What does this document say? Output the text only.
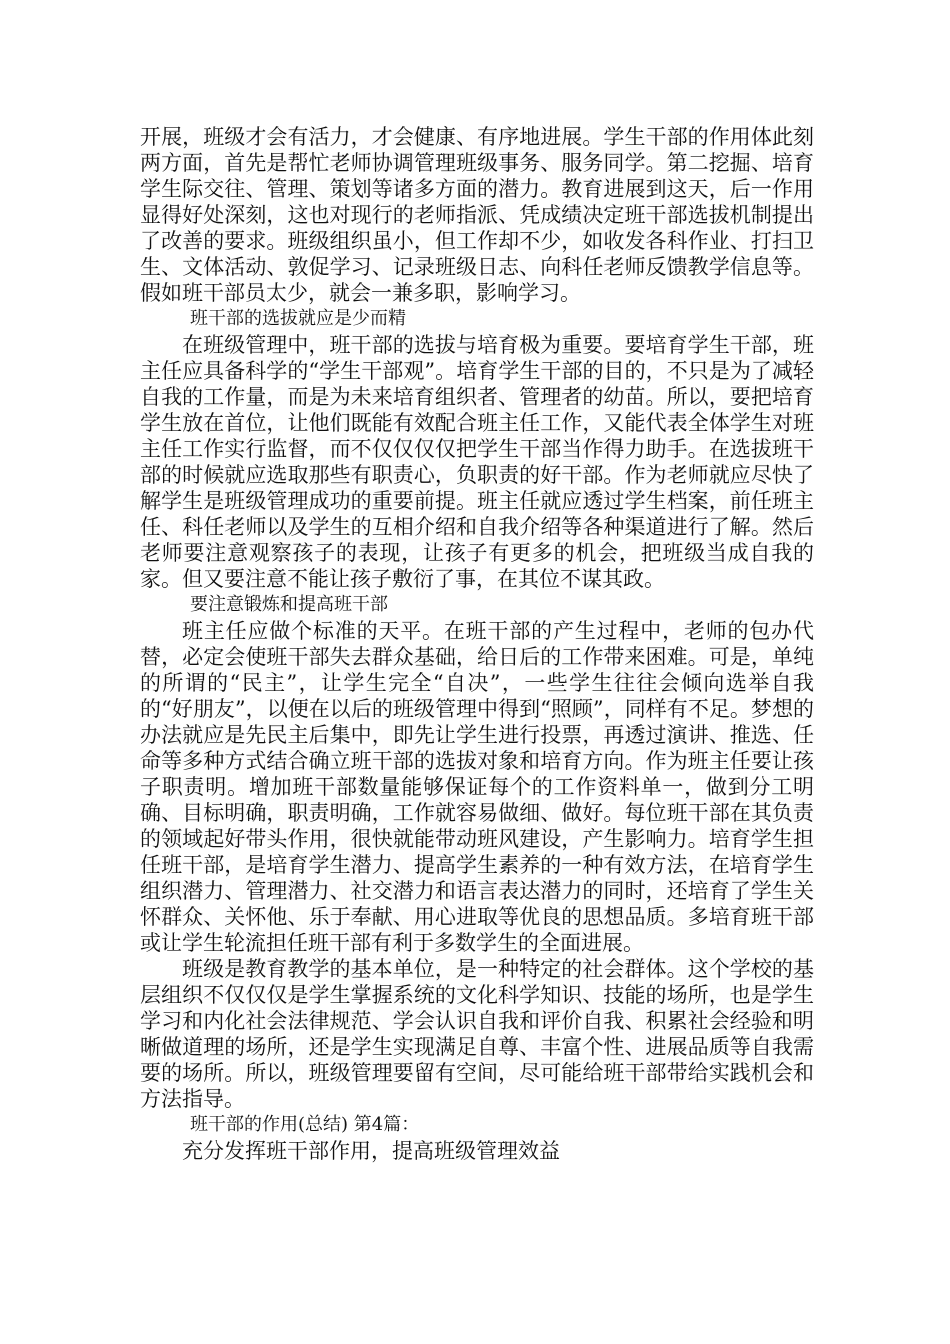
开展，班级才会有活力，才会健康、有序地进展。学生干部的作用体此刻两方面，首先是帮忙老师协调管理班级事务、服务同学。第二挖掘、培育学生际交往、管理、策划等诸多方面的潜力。教育进展到这天，后一作用显得好处深刻，这也对现行的老师指派、凭成绩决定班干部选拔机制提出了改善的要求。班级组织虽小，但工作却不少，如收发各科作业、打扫卫生、文体活动、敦促学习、记录班级日志、向科任老师反馈教学信息等。假如班干部员太少，就会一兼多职，影响学习。

班干部的选拔就应是少而精

在班级管理中，班干部的选拔与培育极为重要。要培育学生干部，班主任应具备科学的“学生干部观”。培育学生干部的目的，不只是为了减轻自我的工作量，而是为未来培育组织者、管理者的幼苗。所以，要把培育学生放在首位，让他们既能有效配合班主任工作，又能代表全体学生对班主任工作实行监督，而不仅仅仅仅把学生干部当作得力助手。在选拔班干部的时候就应选取那些有职责心，负职责的好干部。作为老师就应尽快了解学生是班级管理成功的重要前提。班主任就应透过学生档案，前任班主任、科任老师以及学生的互相介绍和自我介绍等各种渠道进行了解。然后老师要注意观察孩子的表现，让孩子有更多的机会，把班级当成自我的家。但又要注意不能让孩子敷衍了事，在其位不谋其政。

要注意锻炼和提高班干部

班主任应做个标准的天平。在班干部的产生过程中，老师的包办代替，必定会使班干部失去群众基础，给日后的工作带来困难。可是，单纯的所谓的“民主”，让学生完全“自决”，一些学生往往会倾向选举自我的“好朋友”，以便在以后的班级管理中得到“照顾”，同样有不足。梦想的办法就应是先民主后集中，即先让学生进行投票，再透过演讲、推选、任命等多种方式结合确立班干部的选拔对象和培育方向。作为班主任要让孩子职责明。增加班干部数量能够保证每个的工作资料单一，做到分工明确、目标明确，职责明确，工作就容易做细、做好。每位班干部在其负责的领域起好带头作用，很快就能带动班风建设，产生影响力。培育学生担任班干部，是培育学生潜力、提高学生素养的一种有效方法，在培育学生组织潜力、管理潜力、社交潜力和语言表达潜力的同时，还培育了学生关怀群众、关怀他、乐于奉献、用心进取等优良的思想品质。多培育班干部或让学生轮流担任班干部有利于多数学生的全面进展。

班级是教育教学的基本单位，是一种特定的社会群体。这个学校的基层组织不仅仅仅是学生掌握系统的文化科学知识、技能的场所，也是学生学习和内化社会法律规范、学会认识自我和评价自我、积累社会经验和明晰做道理的场所，还是学生实现满足自尊、丰富个性、进展品质等自我需要的场所。所以，班级管理要留有空间，尽可能给班干部带给实践机会和方法指导。

班干部的作用(总结) 第4篇：

充分发挥班干部作用，提高班级管理效益
